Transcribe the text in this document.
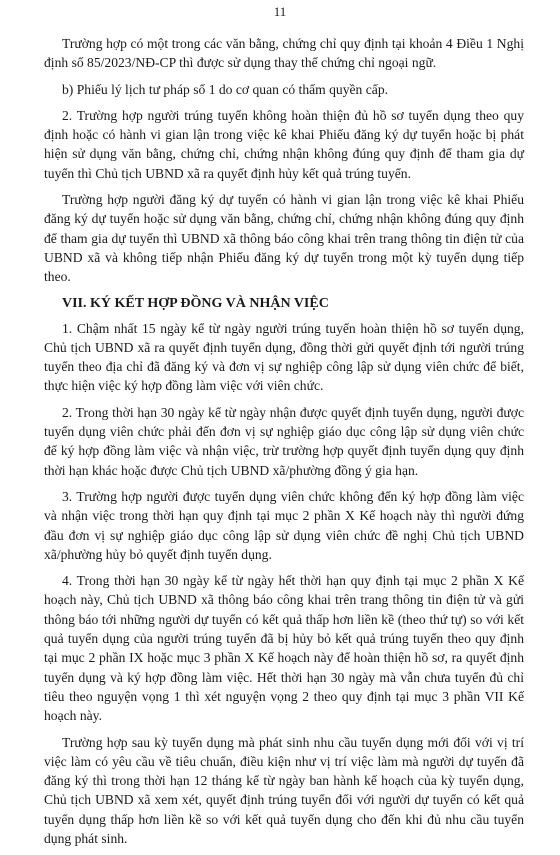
11

Trường hợp có một trong các văn bằng, chứng chỉ quy định tại khoản 4 Điều 1 Nghị định số 85/2023/NĐ-CP thì được sử dụng thay thế chứng chỉ ngoại ngữ.

b) Phiếu lý lịch tư pháp số 1 do cơ quan có thẩm quyền cấp.

2. Trường hợp người trúng tuyển không hoàn thiện đủ hồ sơ tuyển dụng theo quy định hoặc có hành vi gian lận trong việc kê khai Phiếu đăng ký dự tuyển hoặc bị phát hiện sử dụng văn bằng, chứng chỉ, chứng nhận không đúng quy định để tham gia dự tuyển thì Chủ tịch UBND xã ra quyết định hủy kết quả trúng tuyển.

Trường hợp người đăng ký dự tuyển có hành vi gian lận trong việc kê khai Phiếu đăng ký dự tuyển hoặc sử dụng văn bằng, chứng chỉ, chứng nhận không đúng quy định để tham gia dự tuyển thì UBND xã thông báo công khai trên trang thông tin điện tử của UBND xã và không tiếp nhận Phiếu đăng ký dự tuyển trong một kỳ tuyển dụng tiếp theo.

VII. KÝ KẾT HỢP ĐỒNG VÀ NHẬN VIỆC

1. Chậm nhất 15 ngày kể từ ngày người trúng tuyển hoàn thiện hồ sơ tuyển dụng, Chủ tịch UBND xã ra quyết định tuyển dụng, đồng thời gửi quyết định tới người trúng tuyển theo địa chỉ đã đăng ký và đơn vị sự nghiệp công lập sử dụng viên chức để biết, thực hiện việc ký hợp đồng làm việc với viên chức.

2. Trong thời hạn 30 ngày kể từ ngày nhận được quyết định tuyển dụng, người được tuyển dụng viên chức phải đến đơn vị sự nghiệp giáo dục công lập sử dụng viên chức để ký hợp đồng làm việc và nhận việc, trừ trường hợp quyết định tuyển dụng quy định thời hạn khác hoặc được Chủ tịch UBND xã/phường đồng ý gia hạn.

3. Trường hợp người được tuyển dụng viên chức không đến ký hợp đồng làm việc và nhận việc trong thời hạn quy định tại mục 2 phần X Kế hoạch này thì người đứng đầu đơn vị sự nghiệp giáo dục công lập sử dụng viên chức đề nghị Chủ tịch UBND xã/phường hủy bỏ quyết định tuyển dụng.

4. Trong thời hạn 30 ngày kể từ ngày hết thời hạn quy định tại mục 2 phần X Kế hoạch này, Chủ tịch UBND xã thông báo công khai trên trang thông tin điện tử và gửi thông báo tới những người dự tuyển có kết quả thấp hơn liền kề (theo thứ tự) so với kết quả tuyển dụng của người trúng tuyển đã bị hủy bỏ kết quả trúng tuyển theo quy định tại mục 2 phần IX hoặc mục 3 phần X Kế hoạch này để hoàn thiện hồ sơ, ra quyết định tuyển dụng và ký hợp đồng làm việc. Hết thời hạn 30 ngày mà vẫn chưa tuyển đủ chỉ tiêu theo nguyện vọng 1 thì xét nguyện vọng 2 theo quy định tại mục 3 phần VII Kế hoạch này.

Trường hợp sau kỳ tuyển dụng mà phát sinh nhu cầu tuyển dụng mới đối với vị trí việc làm có yêu cầu về tiêu chuẩn, điều kiện như vị trí việc làm mà người dự tuyển đã đăng ký thì trong thời hạn 12 tháng kể từ ngày ban hành kế hoạch của kỳ tuyển dụng, Chủ tịch UBND xã xem xét, quyết định trúng tuyển đối với người dự tuyển có kết quả tuyển dụng thấp hơn liền kề so với kết quả tuyển dụng cho đến khi đủ nhu cầu tuyển dụng phát sinh.
